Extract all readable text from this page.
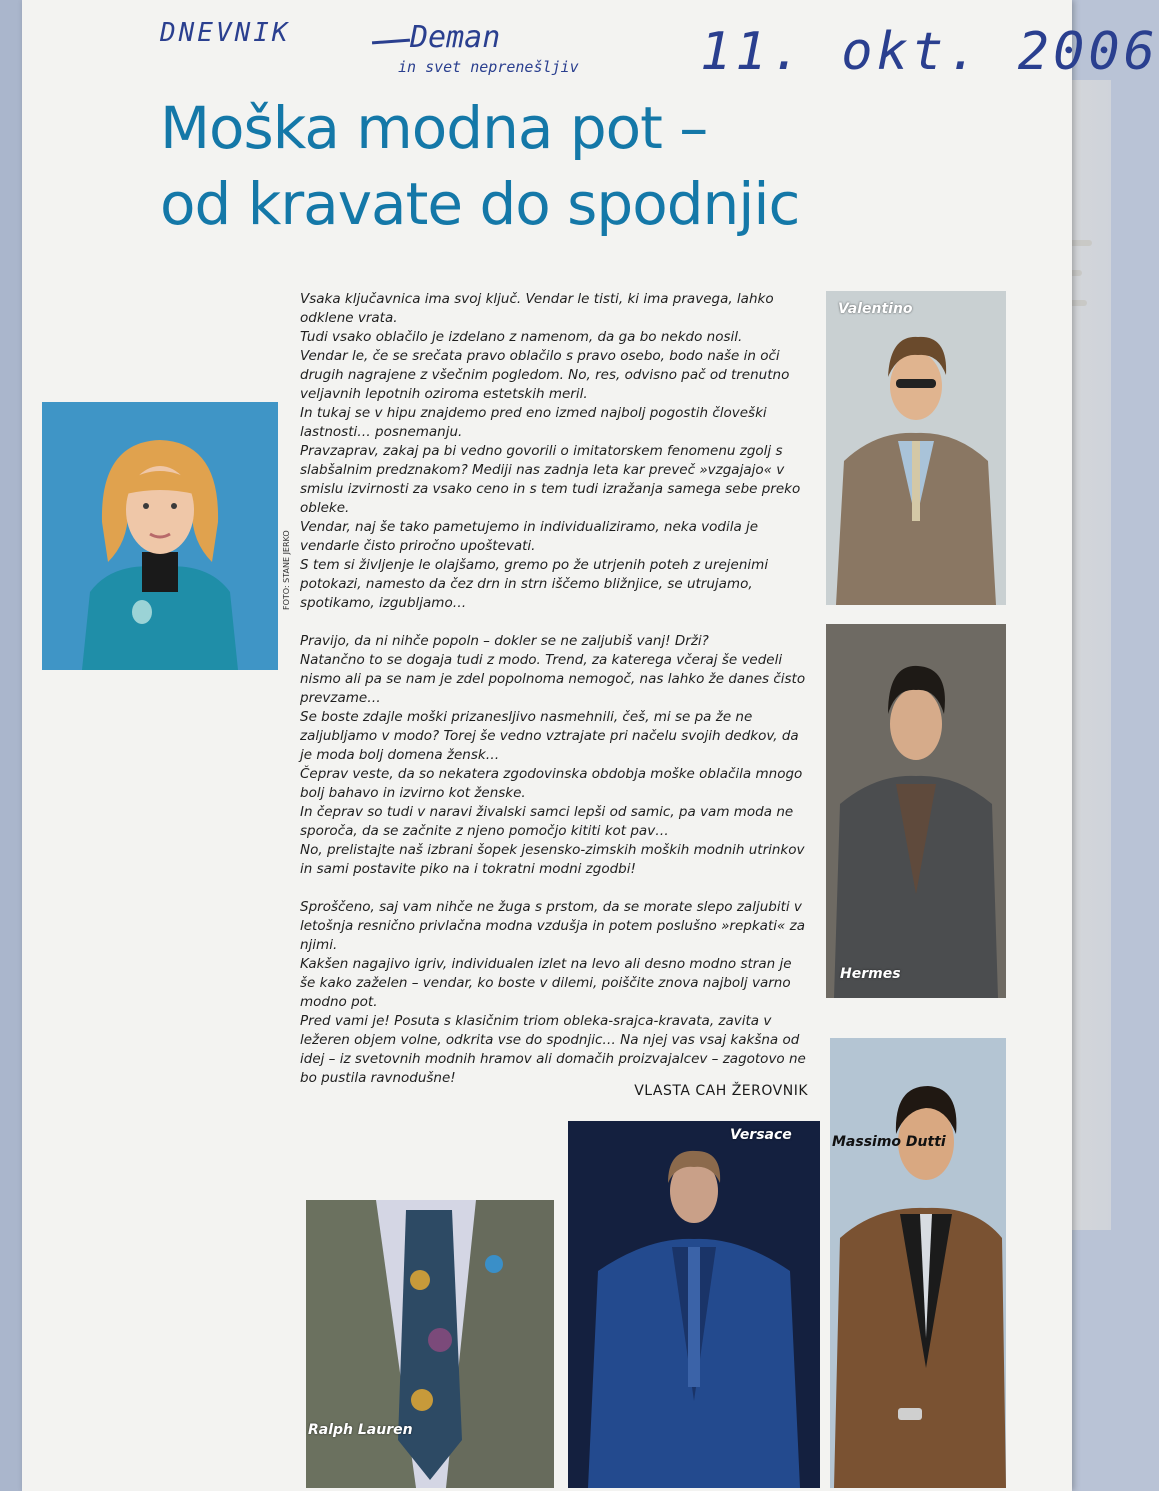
DNEVNIK	Deman
in svet neprenešljiv 11. okt. 2006
Moška modna pot –
od kravate do spodnjic

Vsaka ključavnica ima svoj ključ. Vendar le tisti, ki ima pravega, lahko odklene vrata.

Tudi vsako oblačilo je izdelano z namenom, da ga bo nekdo nosil.

Vendar le, če se srečata pravo oblačilo s pravo osebo, bodo naše in oči drugih nagrajene z všečnim pogledom. No, res, odvisno pač od trenutno veljavnih lepotnih oziroma estetskih meril.

In tukaj se v hipu znajdemo pred eno izmed najbolj pogostih človeški lastnosti… posnemanju.

Pravzaprav, zakaj pa bi vedno govorili o imitatorskem fenomenu zgolj s slabšalnim predznakom? Mediji nas zadnja leta kar preveč »vzgajajo« v smislu izvirnosti za vsako ceno in s tem tudi izražanja samega sebe preko obleke.

Vendar, naj še tako pametujemo in individualiziramo, neka vodila je vendarle čisto priročno upoštevati.

S tem si življenje le olajšamo, gremo po že utrjenih poteh z urejenimi potokazi, namesto da čez drn in strn iščemo bližnjice, se utrujamo, spotikamo, izgubljamo…

Pravijo, da ni nihče popoln – dokler se ne zaljubiš vanj! Drži?

Natančno to se dogaja tudi z modo. Trend, za katerega včeraj še vedeli nismo ali pa se nam je zdel popolnoma nemogoč, nas lahko že danes čisto prevzame…

Se boste zdajle moški prizanesljivo nasmehnili, češ, mi se pa že ne zaljubljamo v modo? Torej še vedno vztrajate pri načelu svojih dedkov, da je moda bolj domena žensk…

Čeprav veste, da so nekatera zgodovinska obdobja moške oblačila mnogo bolj bahavo in izvirno kot ženske.

In čeprav so tudi v naravi živalski samci lepši od samic, pa vam moda ne sporoča, da se začnite z njeno pomočjo kititi kot pav…

No, prelistajte naš izbrani šopek jesensko-zimskih moških modnih utrinkov in sami postavite piko na i tokratni modni zgodbi!

Sproščeno, saj vam nihče ne žuga s prstom, da se morate slepo zaljubiti v letošnja resnično privlačna modna vzdušja in potem poslušno »repkati« za njimi.

Kakšen nagajivo igriv, individualen izlet na levo ali desno modno stran je še kako zaželen – vendar, ko boste v dilemi, poiščite znova najbolj varno modno pot.

Pred vami je! Posuta s klasičnim triom obleka-srajca-kravata, zavita v ležeren objem volne, odkrita vse do spodnjic… Na njej vas vsaj kakšna od idej – iz svetovnih modnih hramov ali domačih proizvajalcev – zagotovo ne bo pustila ravnodušne!

VLASTA CAH ŽEROVNIK
FOTO: STANE JERKO
Valentino
Hermes
Massimo Dutti
Versace
Ralph Lauren
